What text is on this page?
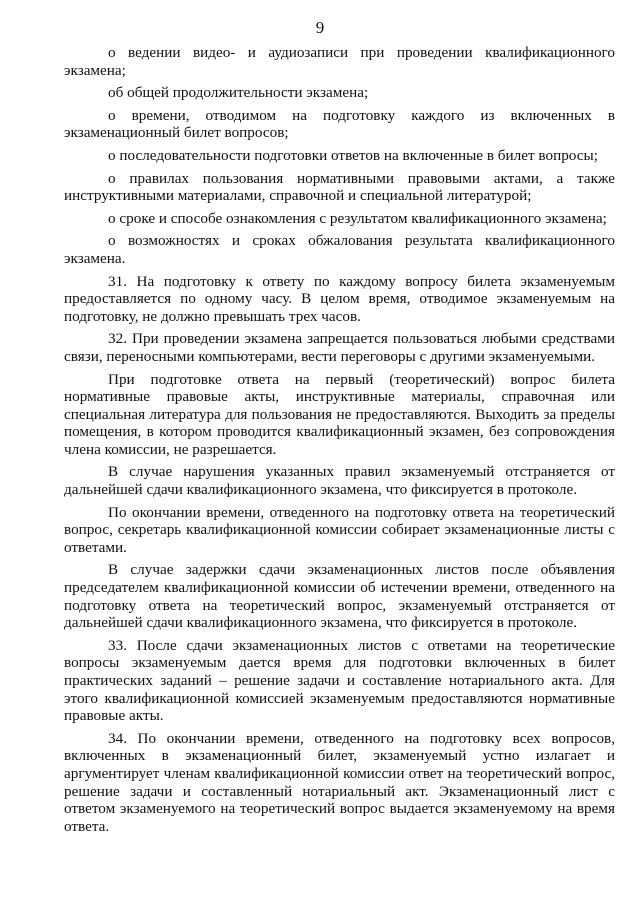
9

о ведении видео- и аудиозаписи при проведении квалификационного экзамена;

об общей продолжительности экзамена;

о времени, отводимом на подготовку каждого из включенных в экзаменационный билет вопросов;

о последовательности подготовки ответов на включенные в билет вопросы;

о правилах пользования нормативными правовыми актами, а также инструктивными материалами, справочной и специальной литературой;

о сроке и способе ознакомления с результатом квалификационного экзамена;

о возможностях и сроках обжалования результата квалификационного экзамена.

31. На подготовку к ответу по каждому вопросу билета экзаменуемым предоставляется по одному часу. В целом время, отводимое экзаменуемым на подготовку, не должно превышать трех часов.

32. При проведении экзамена запрещается пользоваться любыми средствами связи, переносными компьютерами, вести переговоры с другими экзаменуемыми.

При подготовке ответа на первый (теоретический) вопрос билета нормативные правовые акты, инструктивные материалы, справочная или специальная литература для пользования не предоставляются. Выходить за пределы помещения, в котором проводится квалификационный экзамен, без сопровождения члена комиссии, не разрешается.

В случае нарушения указанных правил экзаменуемый отстраняется от дальнейшей сдачи квалификационного экзамена, что фиксируется в протоколе.

По окончании времени, отведенного на подготовку ответа на теоретический вопрос, секретарь квалификационной комиссии собирает экзаменационные листы с ответами.

В случае задержки сдачи экзаменационных листов после объявления председателем квалификационной комиссии об истечении времени, отведенного на подготовку ответа на теоретический вопрос, экзаменуемый отстраняется от дальнейшей сдачи квалификационного экзамена, что фиксируется в протоколе.

33. После сдачи экзаменационных листов с ответами на теоретические вопросы экзаменуемым дается время для подготовки включенных в билет практических заданий – решение задачи и составление нотариального акта. Для этого квалификационной комиссией экзаменуемым предоставляются нормативные правовые акты.

34. По окончании времени, отведенного на подготовку всех вопросов, включенных в экзаменационный билет, экзаменуемый устно излагает и аргументирует членам квалификационной комиссии ответ на теоретический вопрос, решение задачи и составленный нотариальный акт. Экзаменационный лист с ответом экзаменуемого на теоретический вопрос выдается экзаменуемому на время ответа.
